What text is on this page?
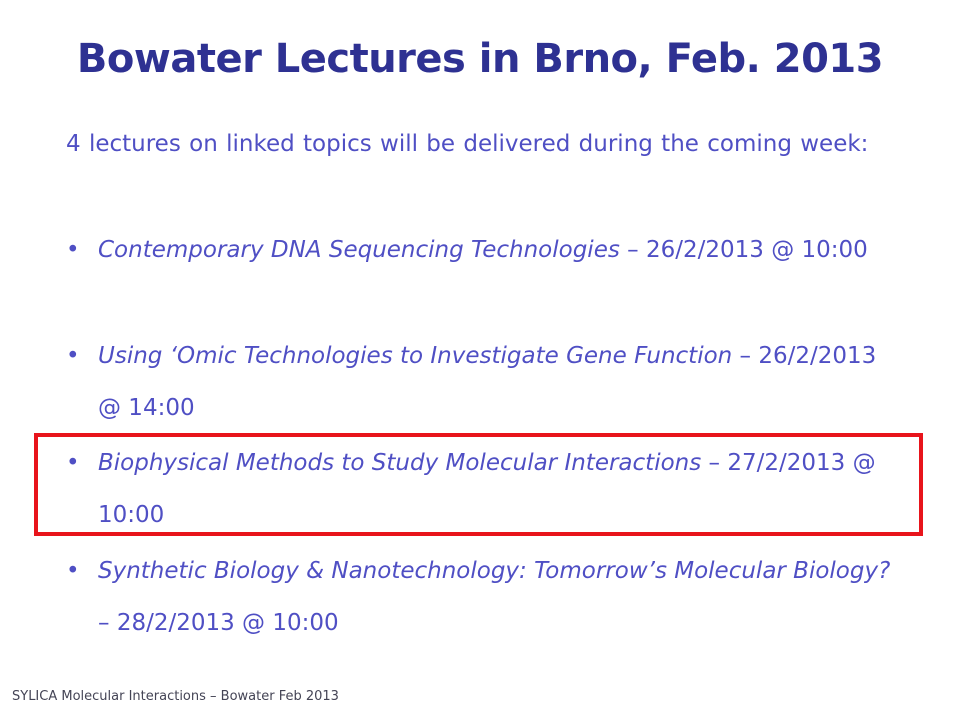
Bowater Lectures in Brno, Feb. 2013
4 lectures on linked topics will be delivered during the coming week:
• Contemporary DNA Sequencing Technologies – 26/2/2013 @ 10:00
• Using ‘Omic Technologies to Investigate Gene Function – 26/2/2013 @ 14:00
• Biophysical Methods to Study Molecular Interactions – 27/2/2013 @ 10:00
• Synthetic Biology & Nanotechnology: Tomorrow’s Molecular Biology? – 28/2/2013 @ 10:00
SYLICA Molecular Interactions – Bowater Feb 2013
